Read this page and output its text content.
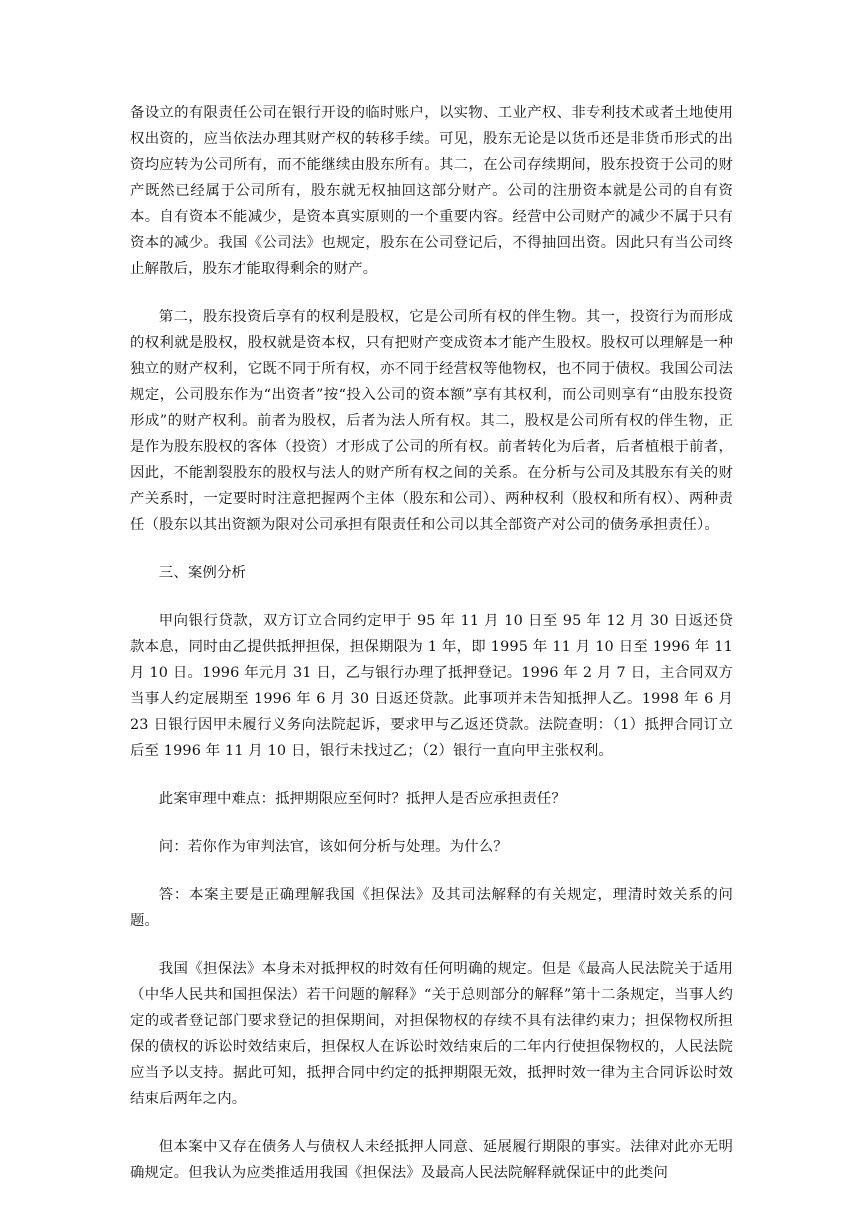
备设立的有限责任公司在银行开设的临时账户，以实物、工业产权、非专利技术或者土地使用权出资的，应当依法办理其财产权的转移手续。可见，股东无论是以货币还是非货币形式的出资均应转为公司所有，而不能继续由股东所有。其二，在公司存续期间，股东投资于公司的财产既然已经属于公司所有，股东就无权抽回这部分财产。公司的注册资本就是公司的自有资本。自有资本不能减少，是资本真实原则的一个重要内容。经营中公司财产的减少不属于只有资本的减少。我国《公司法》也规定，股东在公司登记后，不得抽回出资。因此只有当公司终止解散后，股东才能取得剩余的财产。

第二，股东投资后享有的权利是股权，它是公司所有权的伴生物。其一，投资行为而形成的权利就是股权，股权就是资本权，只有把财产变成资本才能产生股权。股权可以理解是一种独立的财产权利，它既不同于所有权，亦不同于经营权等他物权，也不同于债权。我国公司法规定，公司股东作为“出资者”按“投入公司的资本额”享有其权利，而公司则享有“由股东投资形成”的财产权利。前者为股权，后者为法人所有权。其二，股权是公司所有权的伴生物，正是作为股东股权的客体（投资）才形成了公司的所有权。前者转化为后者，后者植根于前者，因此，不能割裂股东的股权与法人的财产所有权之间的关系。在分析与公司及其股东有关的财产关系时，一定要时时注意把握两个主体（股东和公司）、两种权利（股权和所有权）、两种责任（股东以其出资额为限对公司承担有限责任和公司以其全部资产对公司的债务承担责任）。

三、案例分析

甲向银行贷款，双方订立合同约定甲于 95 年 11 月 10 日至 95 年 12 月 30 日返还贷款本息，同时由乙提供抵押担保，担保期限为 1 年，即 1995 年 11 月 10 日至 1996 年 11 月 10 日。1996 年元月 31 日，乙与银行办理了抵押登记。1996 年 2 月 7 日，主合同双方当事人约定展期至 1996 年 6 月 30 日返还贷款。此事项并未告知抵押人乙。1998 年 6 月 23 日银行因甲未履行义务向法院起诉，要求甲与乙返还贷款。法院查明：（1）抵押合同订立后至 1996 年 11 月 10 日，银行未找过乙；（2）银行一直向甲主张权利。

此案审理中难点：抵押期限应至何时？抵押人是否应承担责任？

问：若你作为审判法官，该如何分析与处理。为什么？

答：本案主要是正确理解我国《担保法》及其司法解释的有关规定，理清时效关系的问题。

我国《担保法》本身未对抵押权的时效有任何明确的规定。但是《最高人民法院关于适用（中华人民共和国担保法）若干问题的解释》“关于总则部分的解释”第十二条规定，当事人约定的或者登记部门要求登记的担保期间，对担保物权的存续不具有法律约束力；担保物权所担保的债权的诉讼时效结束后，担保权人在诉讼时效结束后的二年内行使担保物权的，人民法院应当予以支持。据此可知，抵押合同中约定的抵押期限无效，抵押时效一律为主合同诉讼时效结束后两年之内。

但本案中又存在债务人与债权人未经抵押人同意、延展履行期限的事实。法律对此亦无明确规定。但我认为应类推适用我国《担保法》及最高人民法院解释就保证中的此类问
